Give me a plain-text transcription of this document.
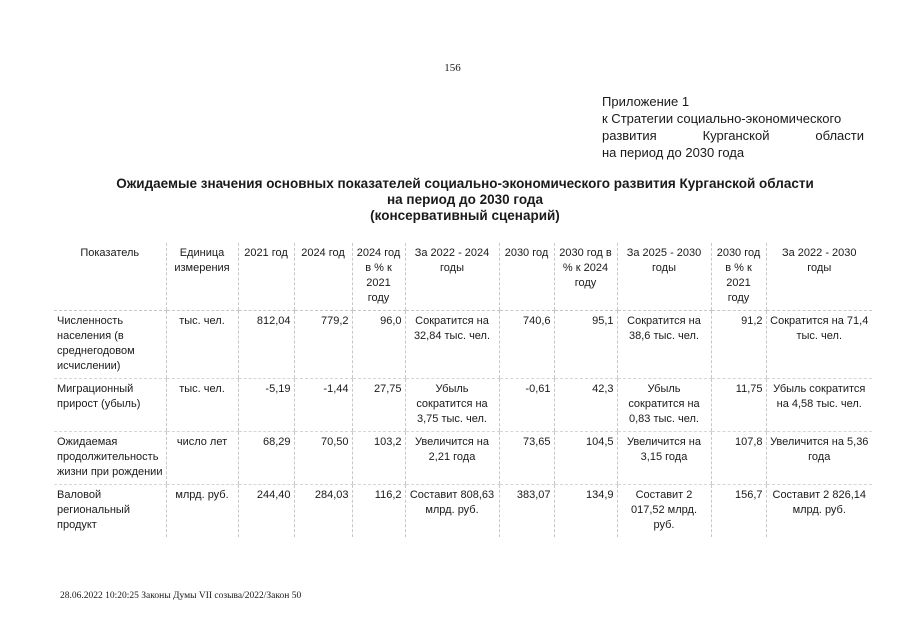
156
Приложение 1
к Стратегии социально-экономического
развития	Курганской	области
на период до 2030 года
Ожидаемые значения основных показателей социально-экономического развития Курганской области
на период до 2030 года
(консервативный сценарий)
Показатель	Единица измерения	2021 год	2024 год	2024 год в % к 2021 году	За 2022 - 2024 годы	2030 год	2030 год в % к 2024 году	За 2025 - 2030 годы	2030 год в % к 2021 году	За 2022 - 2030 годы
Численность населения (в среднегодовом исчислении)	тыс. чел.	812,04	779,2	96,0	Сократится на 32,84 тыс. чел.	740,6	95,1	Сократится на 38,6 тыс. чел.	91,2	Сократится на 71,4 тыс. чел.
Миграционный прирост (убыль)	тыс. чел.	-5,19	-1,44	27,75	Убыль сократится на 3,75 тыс. чел.	-0,61	42,3	Убыль сократится на 0,83 тыс. чел.	11,75	Убыль сократится на 4,58 тыс. чел.
Ожидаемая продолжительность жизни при рождении	число лет	68,29	70,50	103,2	Увеличится на 2,21 года	73,65	104,5	Увеличится на 3,15 года	107,8	Увеличится на 5,36 года
Валовой региональный продукт	млрд. руб.	244,40	284,03	116,2	Составит 808,63 млрд. руб.	383,07	134,9	Составит 2 017,52 млрд. руб.	156,7	Составит 2 826,14 млрд. руб.
28.06.2022 10:20:25 Законы Думы VII созыва/2022/Закон 50
